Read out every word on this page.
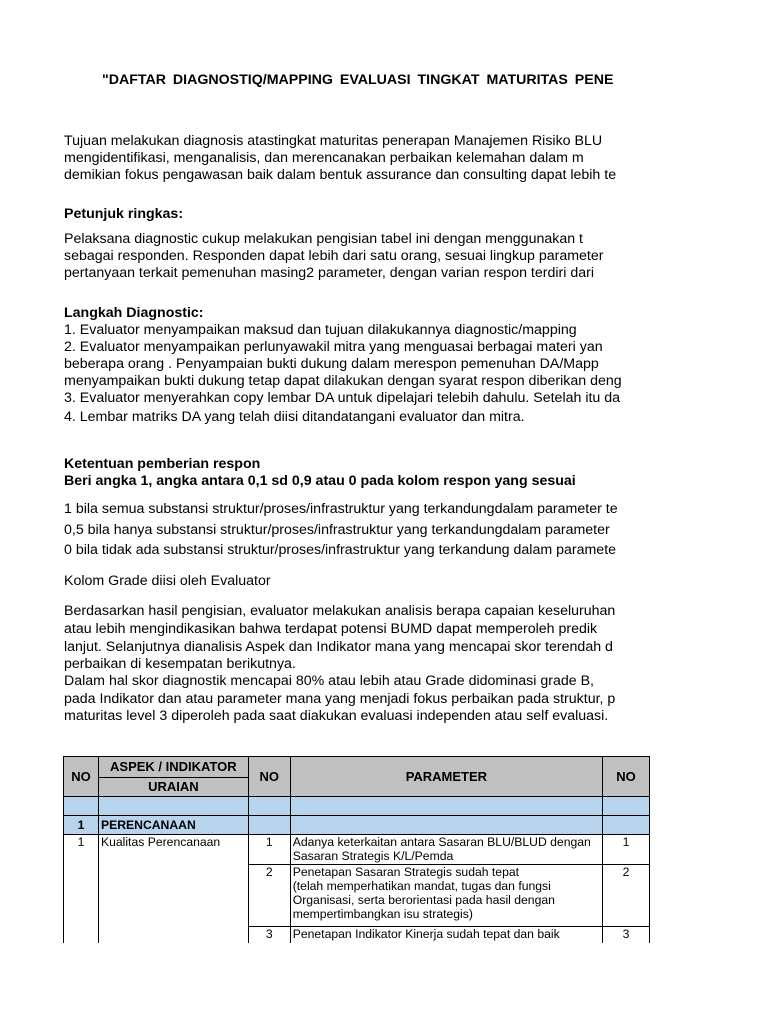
"DAFTAR DIAGNOSTIQ/MAPPING EVALUASI TINGKAT MATURITAS PENE
Tujuan melakukan diagnosis atastingkat maturitas penerapan Manajemen Risiko BLU
mengidentifikasi, menganalisis, dan merencanakan perbaikan kelemahan dalam m
demikian fokus pengawasan baik dalam bentuk assurance dan consulting dapat lebih te
Petunjuk ringkas:
Pelaksana diagnostic cukup melakukan pengisian tabel ini dengan menggunakan t
sebagai responden. Responden dapat lebih dari satu orang, sesuai lingkup parameter
pertanyaan terkait pemenuhan masing2 parameter, dengan varian respon terdiri dari
Langkah Diagnostic:
1. Evaluator menyampaikan maksud dan tujuan dilakukannya diagnostic/mapping
2. Evaluator menyampaikan perlunyawakil mitra yang menguasai berbagai materi yan
beberapa orang . Penyampaian bukti dukung dalam merespon pemenuhan DA/Mapp
menyampaikan bukti dukung tetap dapat dilakukan dengan syarat respon diberikan deng
3. Evaluator menyerahkan copy lembar DA untuk dipelajari telebih dahulu. Setelah itu da
4. Lembar matriks DA yang telah diisi ditandatangani evaluator dan mitra.
Ketentuan pemberian respon
Beri angka 1, angka antara 0,1 sd 0,9 atau 0 pada kolom respon yang sesuai
1 bila semua substansi struktur/proses/infrastruktur yang terkandungdalam parameter te
0,5 bila hanya substansi struktur/proses/infrastruktur yang terkandungdalam parameter
0 bila tidak ada substansi struktur/proses/infrastruktur yang terkandung dalam paramete
Kolom Grade diisi oleh Evaluator
Berdasarkan hasil pengisian, evaluator melakukan analisis berapa capaian keseluruhan
atau lebih mengindikasikan bahwa terdapat potensi BUMD dapat memperoleh predik
lanjut. Selanjutnya dianalisis Aspek dan Indikator mana yang mencapai skor terendah d
perbaikan di kesempatan berikutnya.
Dalam hal skor diagnostik mencapai 80% atau lebih atau Grade didominasi grade B,
pada Indikator dan atau parameter mana yang menjadi fokus perbaikan pada struktur, p
maturitas level 3 diperoleh pada saat diakukan evaluasi independen atau self evaluasi.
NO	ASPEK / INDIKATOR	NO	PARAMETER	NO
	URAIAN			

1	PERENCANAAN			
1	Kualitas Perencanaan	1	Adanya keterkaitan antara Sasaran BLU/BLUD dengan
Sasaran Strategis K/L/Pemda	1
		2	Penetapan Sasaran Strategis sudah tepat
(telah memperhatikan mandat, tugas dan fungsi
Organisasi, serta berorientasi pada hasil dengan
mempertimbangkan isu strategis)	2
		3	Penetapan Indikator Kinerja sudah tepat dan baik	3
